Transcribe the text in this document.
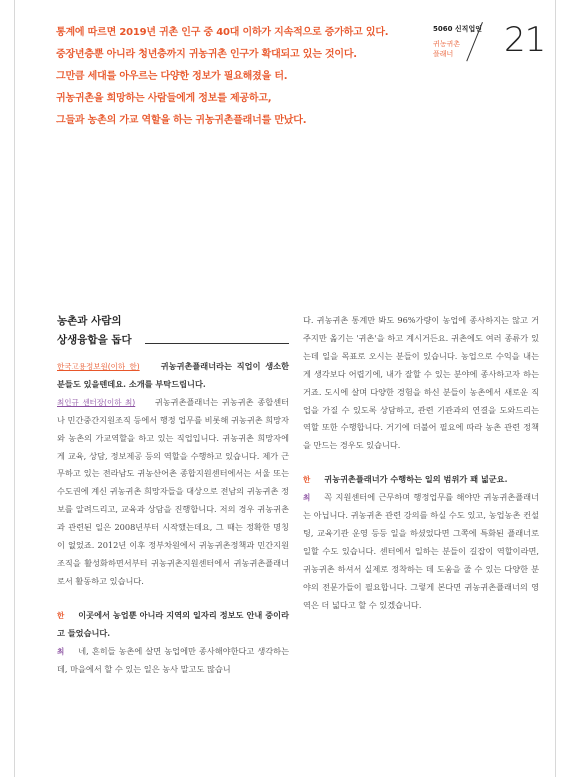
통계에 따르면 2019년 귀촌 인구 중 40대 이하가 지속적으로 증가하고 있다.

중장년층뿐 아니라 청년층까지 귀농귀촌 인구가 확대되고 있는 것이다.

그만큼 세대를 아우르는 다양한 정보가 필요해졌을 터.

귀농귀촌을 희망하는 사람들에게 정보를 제공하고,

그들과 농촌의 가교 역할을 하는 귀농귀촌플래너를 만났다.

5060 신직업인
귀농귀촌
플래너	21
농촌과 사람의
상생융합을 돕다
한국고용정보원(이하 한)	귀농귀촌플래너라는 직업이 생소한 분들도 있을텐데요. 소개를 부탁드립니다.

최인규 센터장(이하 최) 귀농귀촌플래너는 귀농귀촌 종합센터나 민간중간지원조직 등에서 행정 업무를 비롯해 귀농귀촌 희망자와 농촌의 가교역할을 하고 있는 직업입니다. 귀농귀촌 희망자에게 교육, 상담, 정보제공 등의 역할을 수행하고 있습니다. 제가 근무하고 있는 전라남도 귀농산어촌 종합지원센터에서는 서울 또는 수도권에 계신 귀농귀촌 희망자들을 대상으로 전남의 귀농귀촌 정보를 알려드리고, 교육과 상담을 진행합니다. 저의 경우 귀농귀촌과 관련된 일은 2008년부터 시작했는데요, 그 때는 정확한 명칭이 없었죠. 2012년 이후 정부차원에서 귀농귀촌정책과 민간지원조직을 활성화하면서부터 귀농귀촌지원센터에서 귀농귀촌플래너로서 활동하고 있습니다.

한 이곳에서 농업뿐 아니라 지역의 일자리 정보도 안내 중이라고 들었습니다.
최 네, 흔히들 농촌에 살면 농업에만 종사해야한다고 생각하는데, 마을에서 할 수 있는 일은 농사 말고도 많습니

다. 귀농귀촌 통계만 봐도 96%가량이 농업에 종사하지는 않고 거주지만 옮기는 '귀촌'을 하고 계시거든요. 귀촌에도 여러 종류가 있는데 일을 목표로 오시는 분들이 있습니다. 농업으로 수익을 내는 게 생각보다 어렵기에, 내가 잘할 수 있는 분야에 종사하고자 하는 거죠. 도시에 살며 다양한 경험을 하신 분들이 농촌에서 새로운 직업을 가질 수 있도록 상담하고, 관련 기관과의 연결을 도와드리는 역할 또한 수행합니다. 거기에 더불어 필요에 따라 농촌 관련 정책을 만드는 경우도 있습니다.

한 귀농귀촌플래너가 수행하는 일의 범위가 꽤 넓군요.
최 꼭 지원센터에 근무하며 행정업무를 해야만 귀농귀촌플래너는 아닙니다. 귀농귀촌 관련 강의를 하실 수도 있고, 농업농촌 컨설팅, 교육기관 운영 등등 일을 하셨었다면 그쪽에 특화된 플래너로 일할 수도 있습니다. 센터에서 일하는 분들이 길잡이 역할이라면, 귀농귀촌 하셔서 실제로 정착하는 데 도움을 줄 수 있는 다양한 분야의 전문가들이 필요합니다. 그렇게 본다면 귀농귀촌플래너의 영역은 더 넓다고 할 수 있겠습니다.
